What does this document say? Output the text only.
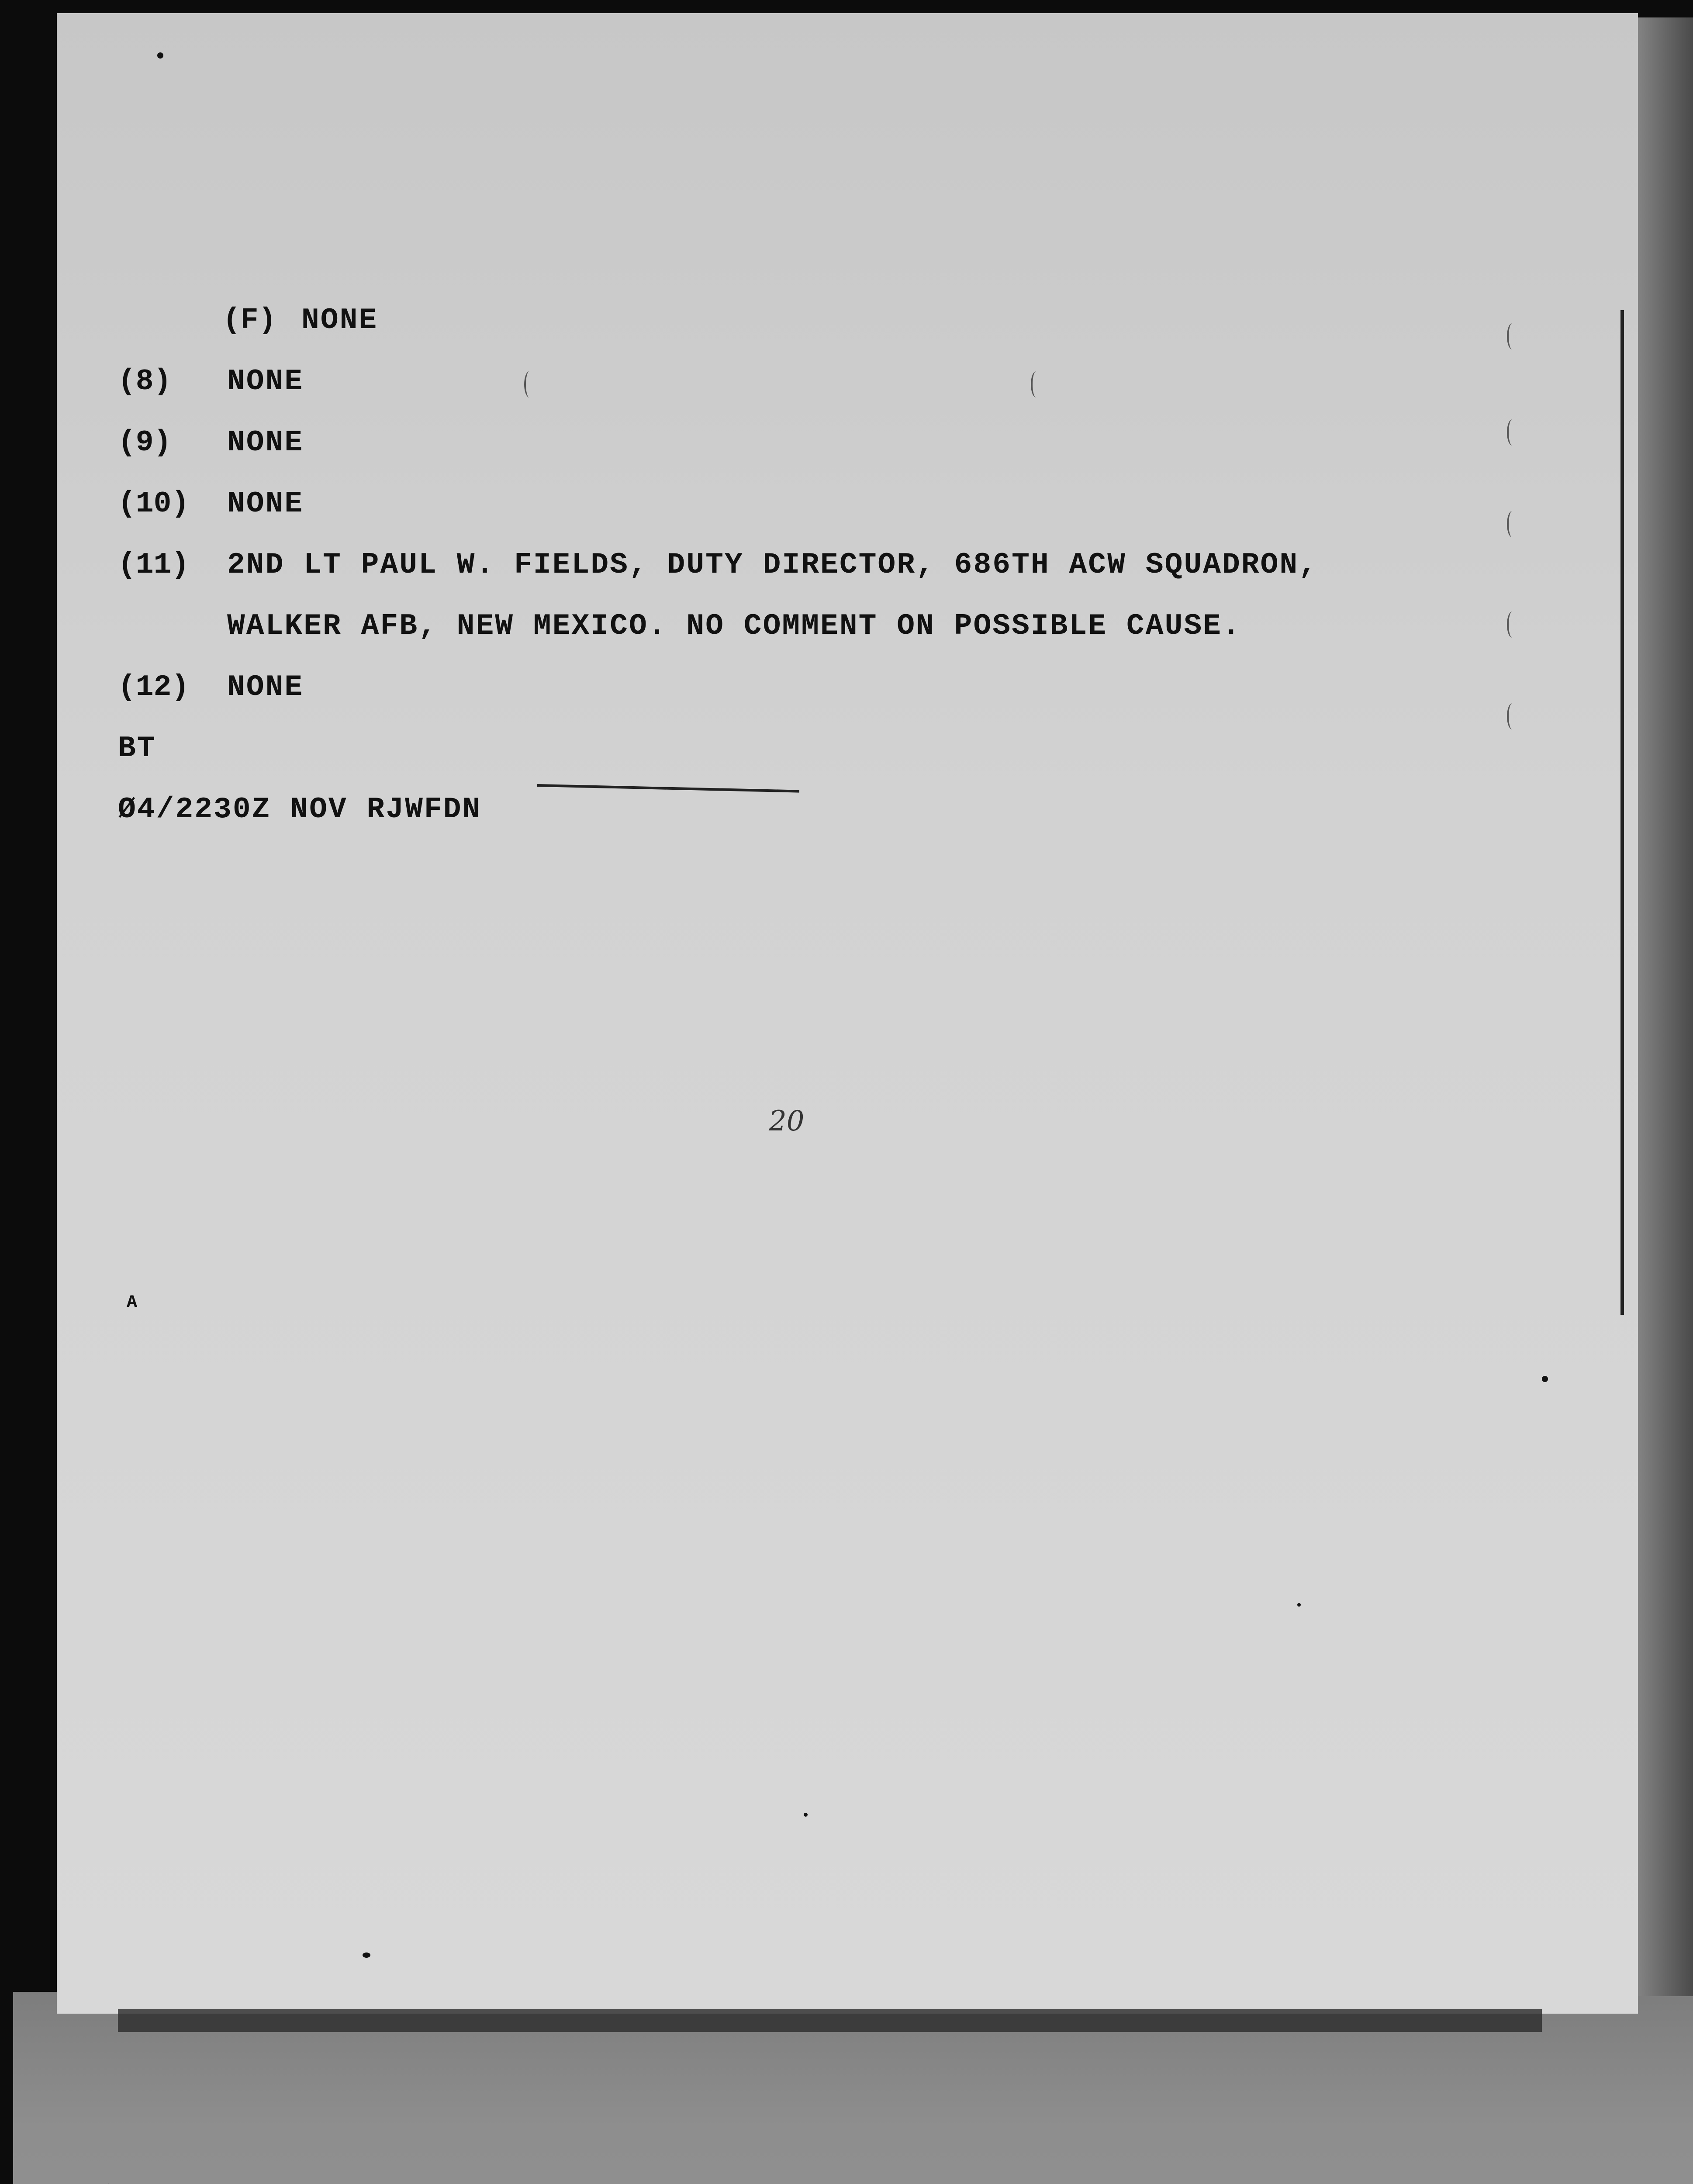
(F) NONE
(8) NONE
(9) NONE
(10) NONE
(11) 2ND LT PAUL W. FIELDS, DUTY DIRECTOR, 686TH ACW SQUADRON,
WALKER AFB, NEW MEXICO. NO COMMENT ON POSSIBLE CAUSE.
(12) NONE
BT
Ø4/2230Z NOV RJWFDN
20
A
